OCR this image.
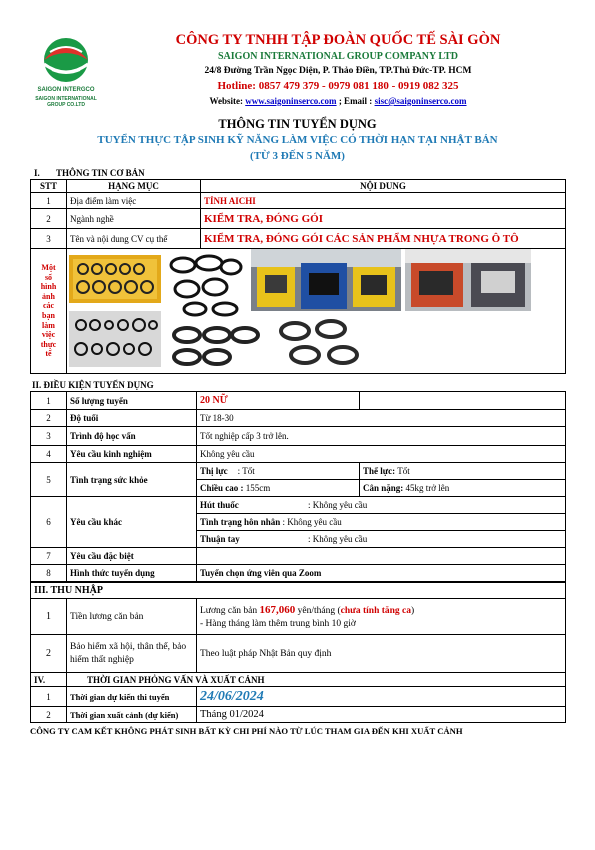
SAIGON INTERGCO
SAIGON INTERNATIONAL GROUP CO.LTD
CÔNG TY TNHH TẬP ĐOÀN QUỐC TẾ SÀI GÒN
SAIGON INTERNATIONAL GROUP COMPANY LTD
24/8 Đường Trần Ngọc Diện, P. Thảo Điền, TP.Thủ Đức-TP. HCM
Hotline: 0857 479 379 - 0979 081 180 - 0919 082 325
Website: www.saigoninserco.com ; Email : sisc@saigoninserco.com
THÔNG TIN TUYỂN DỤNG
TUYỂN THỰC TẬP SINH KỸ NĂNG LÀM VIỆC CÓ THỜI HẠN TẠI NHẬT BẢN
(TỪ 3 ĐẾN 5 NĂM)
I. THÔNG TIN CƠ BẢN
STT	HẠNG MỤC	NỘI DUNG
1	Địa điểm làm việc	TỈNH AICHI
2	Ngành nghề	KIỂM TRA, ĐÓNG GÓI
3	Tên và nội dung CV cụ thể	KIỂM TRA, ĐÓNG GÓI CÁC SẢN PHẨM NHỰA TRONG Ô TÔ

Một số hình ảnh các bạn làm việc thực tế

II. ĐIỀU KIỆN TUYỂN DỤNG
1	Số lượng tuyển	20 NỮ	
2	Độ tuổi	Từ 18-30	
3	Trình độ học vấn	Tốt nghiệp cấp 3 trở lên.	
4	Yêu cầu kinh nghiệm	Không yêu cầu	
5	Tình trạng sức khỏe	Thị lực : Tốt	Thể lực: Tốt
		Chiều cao : 155cm	Cân nặng: 45kg trở lên
6	Yêu cầu khác	Hút thuốc : Không yêu cầu	
		Tình trạng hôn nhân : Không yêu cầu	
		Thuận tay : Không yêu cầu	
7	Yêu cầu đặc biệt		
8	Hình thức tuyển dụng	Tuyển chọn ứng viên qua Zoom	
III. THU NHẬP		
1	Tiền lương căn bản	Lương căn bản 167,060 yên/tháng (chưa tính tăng ca)
- Hàng tháng làm thêm trung bình 10 giờ
2	Bảo hiểm xã hội, thân thể, bảo hiểm thất nghiệp	Theo luật pháp Nhật Bản quy định
IV.	THỜI GIAN PHỎNG VẤN VÀ XUẤT CẢNH	
1	Thời gian dự kiến thi tuyển	24/06/2024
2	Thời gian xuất cảnh (dự kiến)	Tháng 01/2024
CÔNG TY CAM KẾT KHÔNG PHÁT SINH BẤT KỲ CHI PHÍ NÀO TỪ LÚC THAM GIA ĐẾN KHI XUẤT CẢNH
